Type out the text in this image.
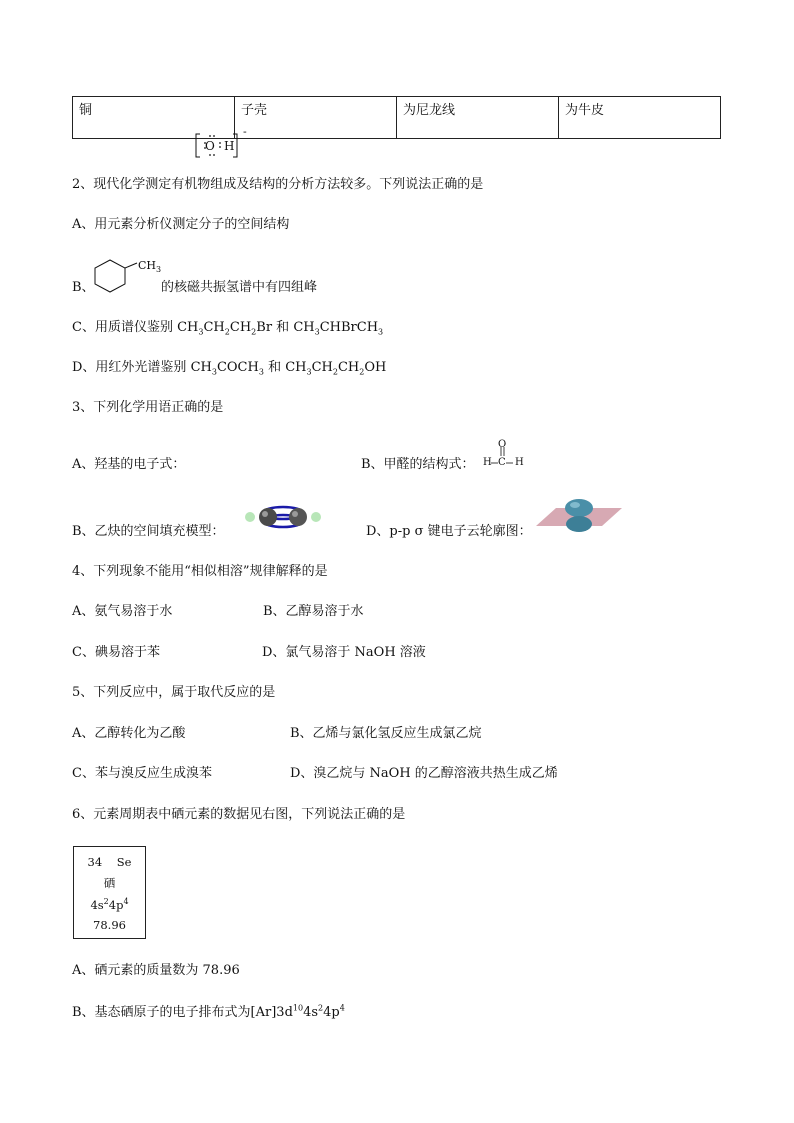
铜	子壳	为尼龙线	为牛皮
O H
-
2、现代化学测定有机物组成及结构的分析方法较多。下列说法正确的是
A、用元素分析仪测定分子的空间结构
B、
$CH_3$
的核磁共振氢谱中有四组峰
C、用质谱仪鉴别 $CH_3CH_2CH_2Br$ 和 $CH_3CHBrCH_3$
D、用红外光谱鉴别 $CH_3COCH_3$ 和 $CH_3CH_2CH_2OH$
3、下列化学用语正确的是
A、羟基的电子式：	B、甲醛的结构式：
O
H C H
B、乙炔的空间填充模型：	D、p-p σ 键电子云轮廓图：
4、下列现象不能用“相似相溶”规律解释的是
A、氨气易溶于水	B、乙醇易溶于水
C、碘易溶于苯	D、氯气易溶于 NaOH 溶液
5、下列反应中，属于取代反应的是
A、乙醇转化为乙酸	B、乙烯与氯化氢反应生成氯乙烷
C、苯与溴反应生成溴苯	D、溴乙烷与 NaOH 的乙醇溶液共热生成乙烯
6、元素周期表中硒元素的数据见右图，下列说法正确的是
34 Se
硒
$4s^24p^4$
78.96
A、硒元素的质量数为 78.96
B、基态硒原子的电子排布式为$[Ar]3d^{10}4s^24p^4$
